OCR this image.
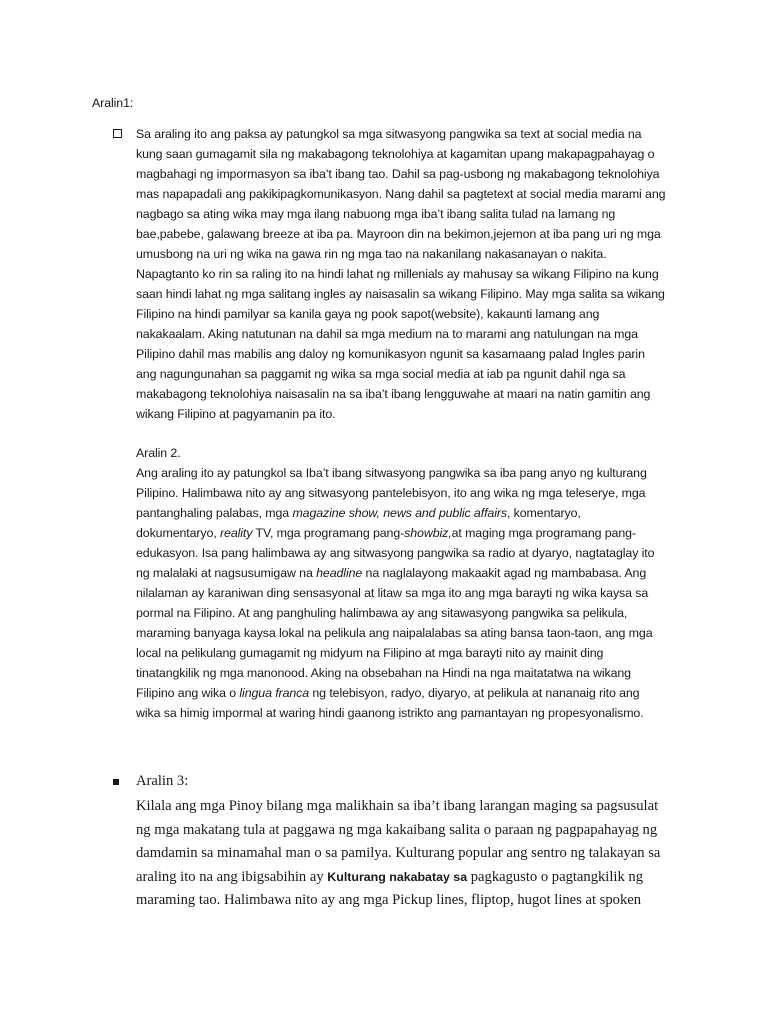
Aralin1:

Sa araling ito ang paksa ay patungkol sa mga sitwasyong pangwika sa text at social media na
kung saan gumagamit sila ng makabagong teknolohiya at kagamitan upang makapagpahayag o
magbahagi ng impormasyon sa iba’t ibang tao. Dahil sa pag-usbong ng makabagong teknolohiya
mas napapadali ang pakikipagkomunikasyon. Nang dahil sa pagtetext at social media marami ang
nagbago sa ating wika may mga ilang nabuong mga iba’t ibang salita tulad na lamang ng
bae,pabebe, galawang breeze at iba pa. Mayroon din na bekimon,jejemon at iba pang uri ng mga
umusbong na uri ng wika na gawa rin ng mga tao na nakanilang nakasanayan o nakita.
Napagtanto ko rin sa raling ito na hindi lahat ng millenials ay mahusay sa wikang Filipino na kung
saan hindi lahat ng mga salitang ingles ay naisasalin sa wikang Filipino. May mga salita sa wikang
Filipino na hindi pamilyar sa kanila gaya ng pook sapot(website), kakaunti lamang ang
nakakaalam. Aking natutunan na dahil sa mga medium na to marami ang natulungan na mga
Pilipino dahil mas mabilis ang daloy ng komunikasyon ngunit sa kasamaang palad Ingles parin
ang nagungunahan sa paggamit ng wika sa mga social media at iab pa ngunit dahil nga sa
makabagong teknolohiya naisasalin na sa iba’t ibang lengguwahe at maari na natin gamitin ang
wikang Filipino at pagyamanin pa ito.

Aralin 2.

Ang araling ito ay patungkol sa Iba’t ibang sitwasyong pangwika sa iba pang anyo ng kulturang
Pilipino. Halimbawa nito ay ang sitwasyong pantelebisyon, ito ang wika ng mga teleserye, mga
pantanghaling palabas, mga magazine show, news and public affairs, komentaryo,
dokumentaryo, reality TV, mga programang pang-showbiz,at maging mga programang pang-
edukasyon. Isa pang halimbawa ay ang sitwasyong pangwika sa radio at dyaryo, nagtataglay ito
ng malalaki at nagsusumigaw na headline na naglalayong makaakit agad ng mambabasa. Ang
nilalaman ay karaniwan ding sensasyonal at litaw sa mga ito ang mga barayti ng wika kaysa sa
pormal na Filipino. At ang panghuling halimbawa ay ang sitawasyong pangwika sa pelikula,
maraming banyaga kaysa lokal na pelikula ang naipalalabas sa ating bansa taon-taon, ang mga
local na pelikulang gumagamit ng midyum na Filipino at mga barayti nito ay mainit ding
tinatangkilik ng mga manonood. Aking na obsebahan na Hindi na nga maitatatwa na wikang
Filipino ang wika o lingua franca ng telebisyon, radyo, diyaryo, at pelikula at nananaig rito ang
wika sa himig impormal at waring hindi gaanong istrikto ang pamantayan ng propesyonalismo.

Aralin 3:

Kilala ang mga Pinoy bilang mga malikhain sa iba’t ibang larangan maging sa pagsusulat
ng mga makatang tula at paggawa ng mga kakaibang salita o paraan ng pagpapahayag ng
damdamin sa minamahal man o sa pamilya. Kulturang popular ang sentro ng talakayan sa
araling ito na ang ibigsabihin ay Kulturang nakabatay sa pagkagusto o pagtangkilik ng
maraming tao. Halimbawa nito ay ang mga Pickup lines, fliptop, hugot lines at spoken
